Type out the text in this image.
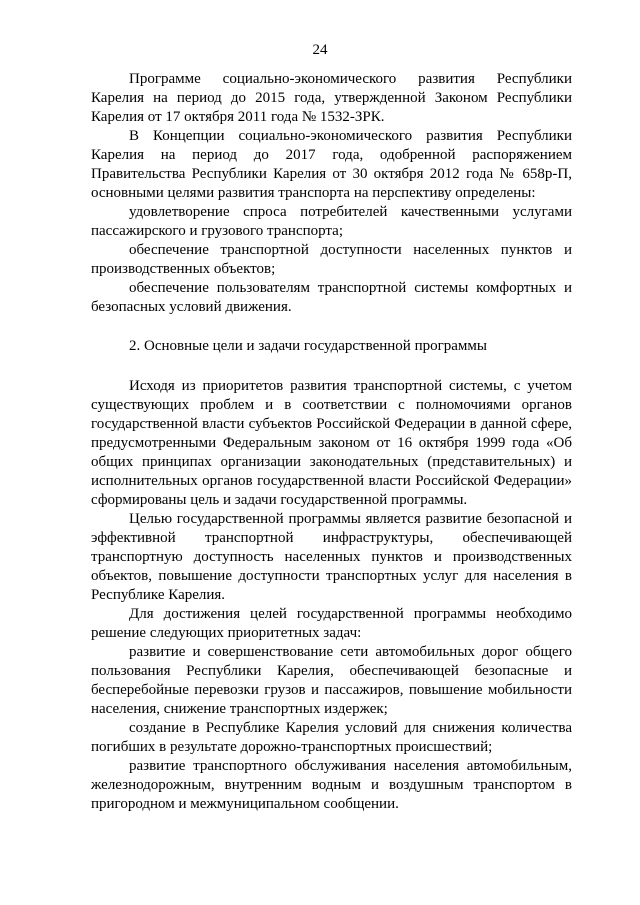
24

Программе социально-экономического развития Республики Карелия на период до 2015 года, утвержденной Законом Республики Карелия от 17 октября 2011 года № 1532-ЗРК.

В Концепции социально-экономического развития Республики Карелия на период до 2017 года, одобренной распоряжением Правительства Республики Карелия от 30 октября 2012 года № 658р-П, основными целями развития транспорта на перспективу определены:

удовлетворение спроса потребителей качественными услугами пассажирского и грузового транспорта;

обеспечение транспортной доступности населенных пунктов и производственных объектов;

обеспечение пользователям транспортной системы комфортных и безопасных условий движения.

2. Основные цели и задачи государственной программы

Исходя из приоритетов развития транспортной системы, с учетом существующих проблем и в соответствии с полномочиями органов государственной власти субъектов Российской Федерации в данной сфере, предусмотренными Федеральным законом от 16 октября 1999 года «Об общих принципах организации законодательных (представительных) и исполнительных органов государственной власти Российской Федерации» сформированы цель и задачи государственной программы.

Целью государственной программы является развитие безопасной и эффективной транспортной инфраструктуры, обеспечивающей транспортную доступность населенных пунктов и производственных объектов, повышение доступности транспортных услуг для населения в Республике Карелия.

Для достижения целей государственной программы необходимо решение следующих приоритетных задач:

развитие и совершенствование сети автомобильных дорог общего пользования Республики Карелия, обеспечивающей безопасные и бесперебойные перевозки грузов и пассажиров, повышение мобильности населения, снижение транспортных издержек;

создание в Республике Карелия условий для снижения количества погибших в результате дорожно-транспортных происшествий;

развитие транспортного обслуживания населения автомобильным, железнодорожным, внутренним водным и воздушным транспортом в пригородном и межмуниципальном сообщении.
